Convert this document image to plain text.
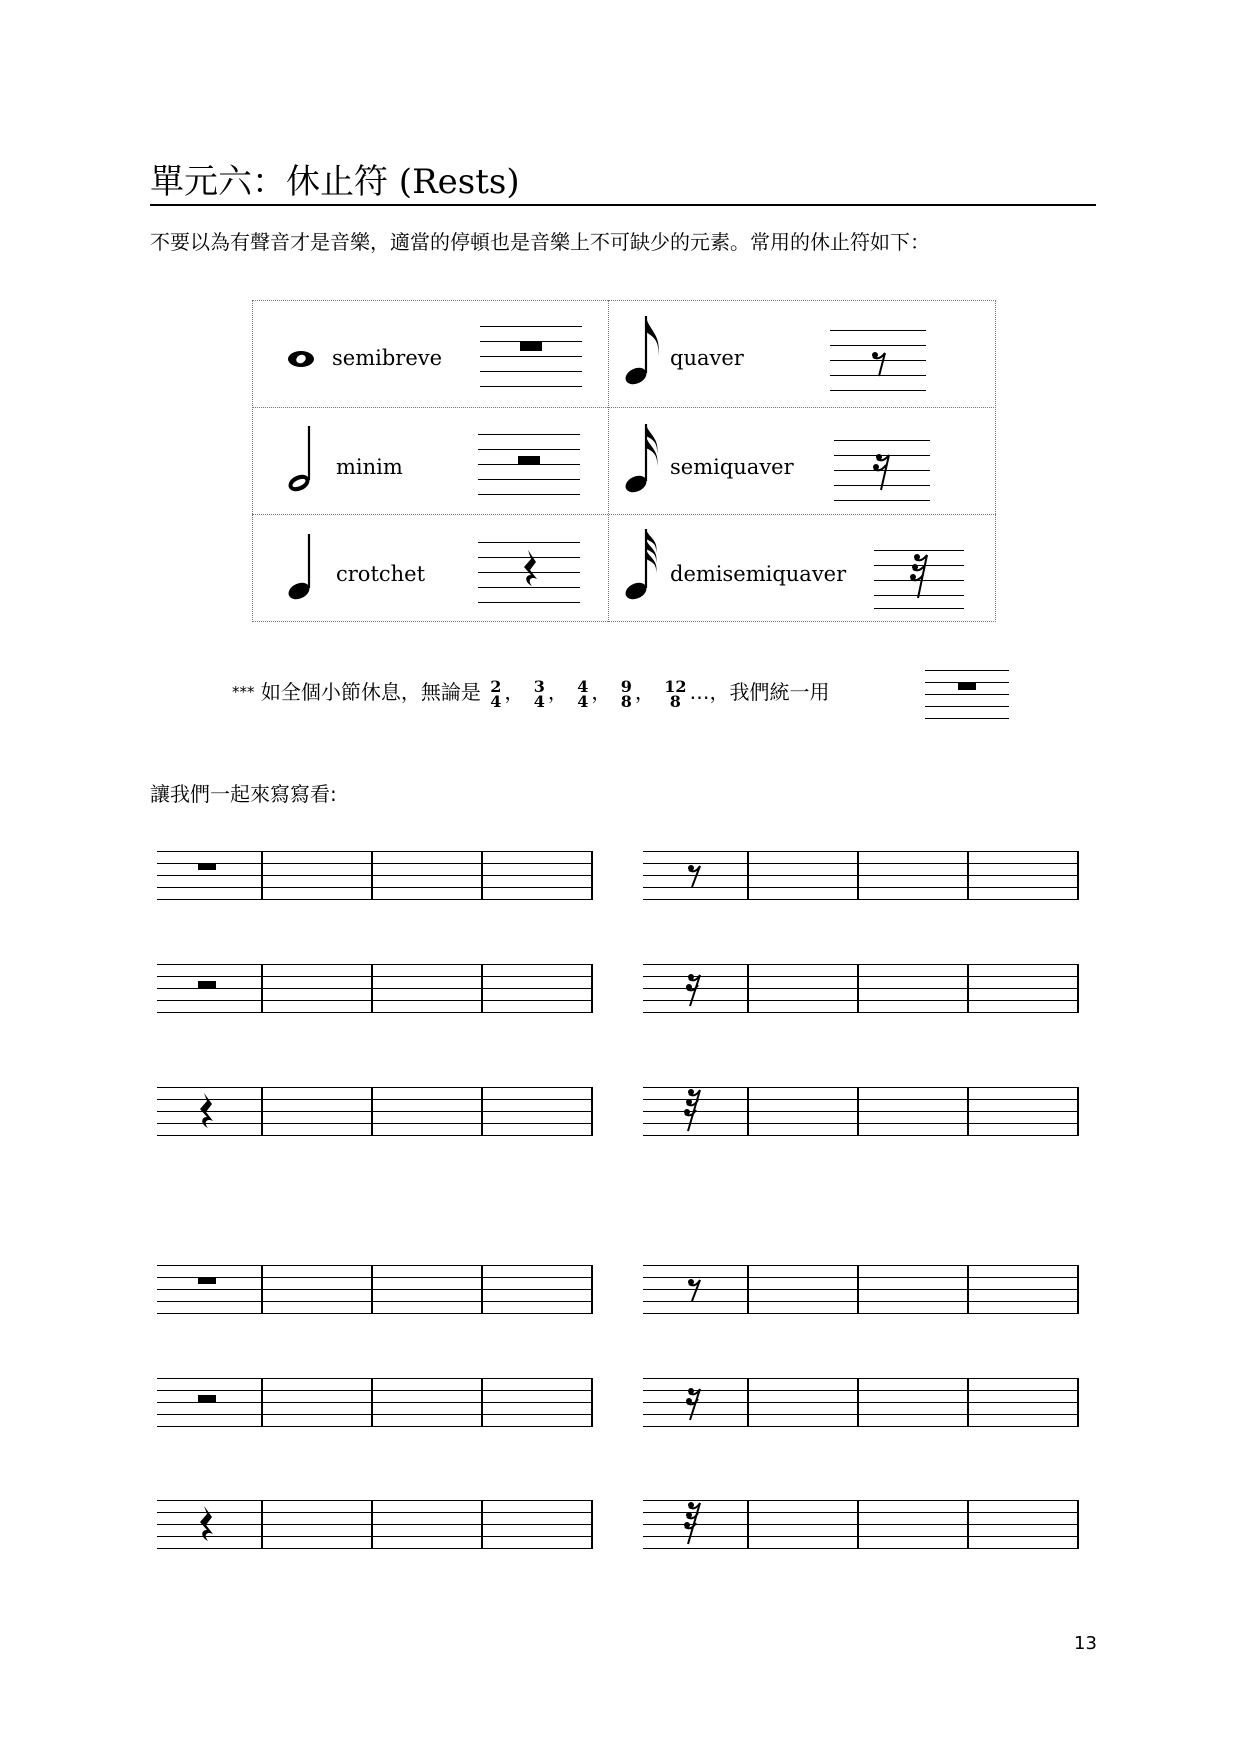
單元六：休止符 (Rests)
不要以為有聲音才是音樂，適當的停頓也是音樂上不可缺少的元素。常用的休止符如下：
semibreve
minim
crotchet
quaver
semiquaver
demisemiquaver
*** 如全個小節休息，無論是 2
4 ， 3
4 ， 4
4 ， 9
8 ， 12
8 …，我們統一用
讓我們一起來寫寫看:
13
